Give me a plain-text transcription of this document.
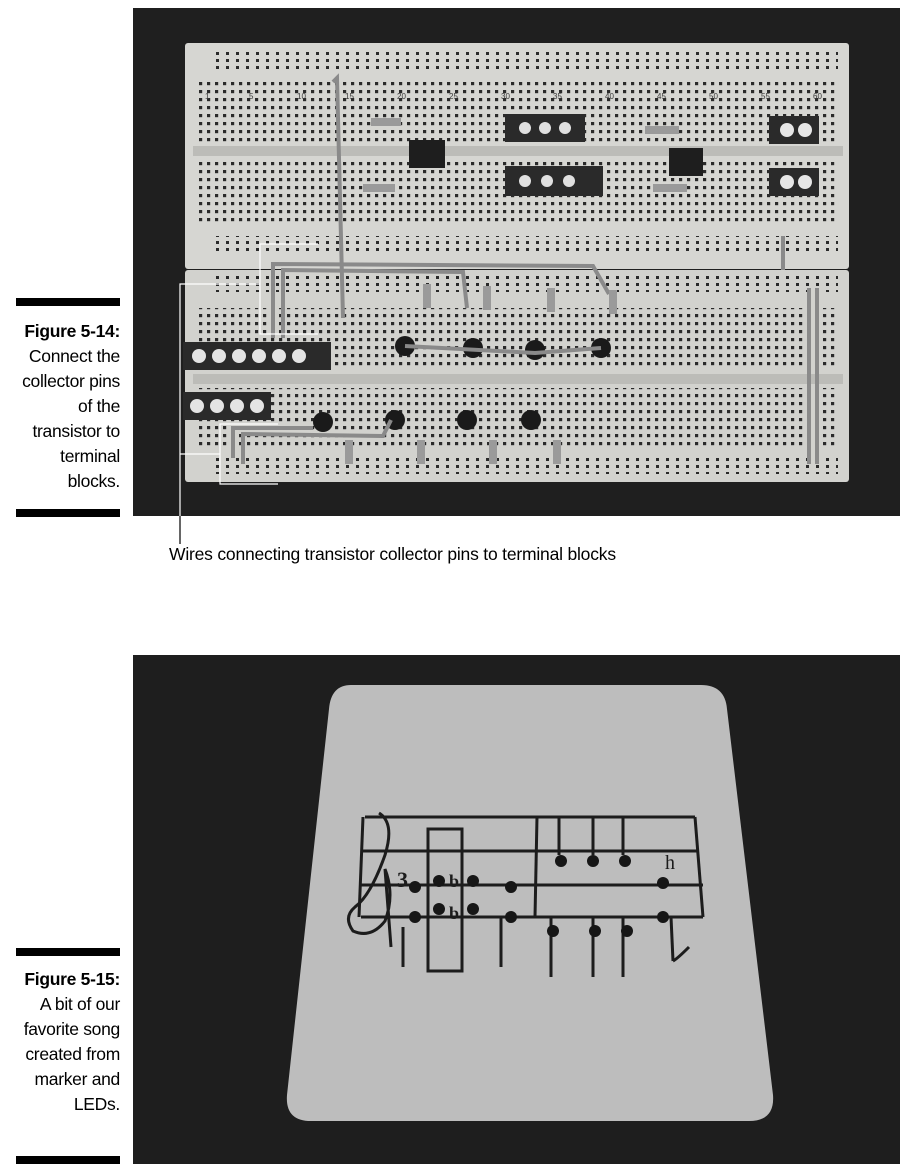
Figure 5-14:
Connect the collector pins of the transistor to terminal blocks.
1	5	10	15	20	25	30	35	40	45	50	55	60
Wires connecting transistor collector pins to terminal blocks
Figure 5-15:
A bit of our favorite song created from marker and LEDs.
3 b
b
h
